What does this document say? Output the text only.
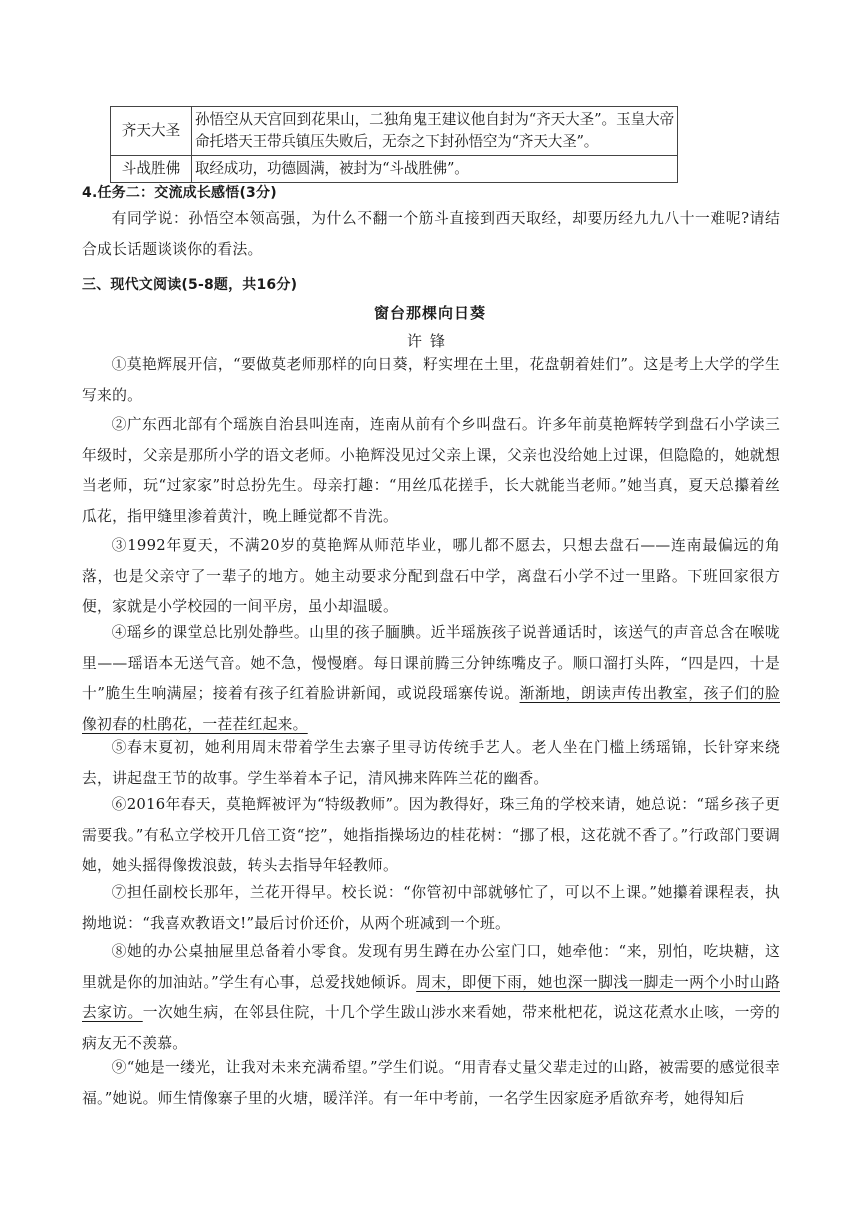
齐天大圣	孙悟空从天宫回到花果山，二独角鬼王建议他自封为“齐天大圣”。玉皇大帝命托塔天王带兵镇压失败后，无奈之下封孙悟空为“齐天大圣”。
斗战胜佛	取经成功，功德圆满，被封为“斗战胜佛”。
4.任务二：交流成长感悟(3分)
有同学说：孙悟空本领高强，为什么不翻一个筋斗直接到西天取经，却要历经九九八十一难呢?请结合成长话题谈谈你的看法。
三、现代文阅读(5-8题，共16分)
窗台那棵向日葵
许锋
①莫艳辉展开信，“要做莫老师那样的向日葵，籽实埋在土里，花盘朝着娃们”。这是考上大学的学生写来的。
②广东西北部有个瑶族自治县叫连南，连南从前有个乡叫盘石。许多年前莫艳辉转学到盘石小学读三年级时，父亲是那所小学的语文老师。小艳辉没见过父亲上课，父亲也没给她上过课，但隐隐的，她就想当老师，玩“过家家”时总扮先生。母亲打趣：“用丝瓜花搓手，长大就能当老师。”她当真，夏天总攥着丝瓜花，指甲缝里渗着黄汁，晚上睡觉都不肯洗。
③1992年夏天，不满20岁的莫艳辉从师范毕业，哪儿都不愿去，只想去盘石——连南最偏远的角落，也是父亲守了一辈子的地方。她主动要求分配到盘石中学，离盘石小学不过一里路。下班回家很方便，家就是小学校园的一间平房，虽小却温暖。
④瑶乡的课堂总比别处静些。山里的孩子腼腆。近半瑶族孩子说普通话时，该送气的声音总含在喉咙里——瑶语本无送气音。她不急，慢慢磨。每日课前腾三分钟练嘴皮子。顺口溜打头阵，“四是四，十是十”脆生生响满屋；接着有孩子红着脸讲新闻，或说段瑶寨传说。渐渐地，朗读声传出教室，孩子们的脸像初春的杜鹃花，一茬茬红起来。
⑤春末夏初，她利用周末带着学生去寨子里寻访传统手艺人。老人坐在门槛上绣瑶锦，长针穿来绕去，讲起盘王节的故事。学生举着本子记，清风拂来阵阵兰花的幽香。
⑥2016年春天，莫艳辉被评为“特级教师”。因为教得好，珠三角的学校来请，她总说：“瑶乡孩子更需要我。”有私立学校开几倍工资“挖”，她指指操场边的桂花树：“挪了根，这花就不香了。”行政部门要调她，她头摇得像拨浪鼓，转头去指导年轻教师。
⑦担任副校长那年，兰花开得早。校长说：“你管初中部就够忙了，可以不上课。”她攥着课程表，执拗地说：“我喜欢教语文!”最后讨价还价，从两个班减到一个班。
⑧她的办公桌抽屉里总备着小零食。发现有男生蹲在办公室门口，她牵他：“来，别怕，吃块糖，这里就是你的加油站。”学生有心事，总爱找她倾诉。周末，即便下雨，她也深一脚浅一脚走一两个小时山路去家访。一次她生病，在邻县住院，十几个学生跋山涉水来看她，带来枇杷花，说这花煮水止咳，一旁的病友无不羡慕。
⑨“她是一缕光，让我对未来充满希望。”学生们说。“用青春丈量父辈走过的山路，被需要的感觉很幸福。”她说。师生情像寨子里的火塘，暖洋洋。有一年中考前，一名学生因家庭矛盾欲弃考，她得知后
